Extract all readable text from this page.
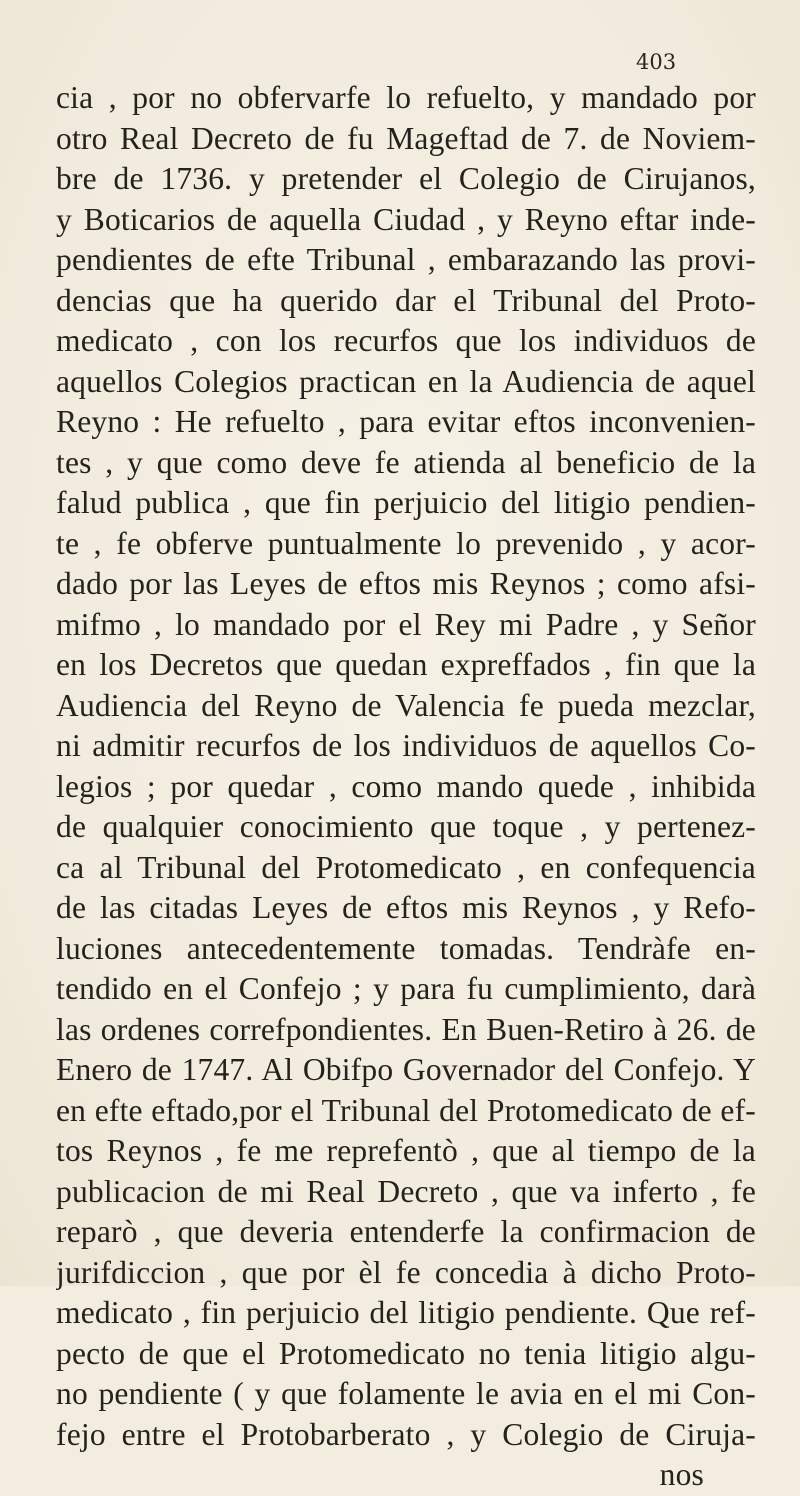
403
cia , por no obfervarfe lo refuelto, y mandado por
otro Real Decreto de fu Mageftad de 7. de Noviem-
bre de 1736. y pretender el Colegio de Cirujanos,
y Boticarios de aquella Ciudad , y Reyno eftar inde-
pendientes de efte Tribunal , embarazando las provi-
dencias que ha querido dar el Tribunal del Proto-
medicato , con los recurfos que los individuos de
aquellos Colegios practican en la Audiencia de aquel
Reyno : He refuelto , para evitar eftos inconvenien-
tes , y que como deve fe atienda al beneficio de la
falud publica , que fin perjuicio del litigio pendien-
te , fe obferve puntualmente lo prevenido , y acor-
dado por las Leyes de eftos mis Reynos ; como afsi-
mifmo , lo mandado por el Rey mi Padre , y Señor
en los Decretos que quedan expreffados , fin que la
Audiencia del Reyno de Valencia fe pueda mezclar,
ni admitir recurfos de los individuos de aquellos Co-
legios ; por quedar , como mando quede , inhibida
de qualquier conocimiento que toque , y pertenez-
ca al Tribunal del Protomedicato , en confequencia
de las citadas Leyes de eftos mis Reynos , y Refo-
luciones antecedentemente tomadas. Tendràfe en-
tendido en el Confejo ; y para fu cumplimiento, darà
las ordenes correfpondientes. En Buen-Retiro à 26. de
Enero de 1747. Al Obifpo Governador del Confejo. Y
en efte eftado,por el Tribunal del Protomedicato de ef-
tos Reynos , fe me reprefentò , que al tiempo de la
publicacion de mi Real Decreto , que va inferto , fe
reparò , que deveria entenderfe la confirmacion de
jurifdiccion , que por èl fe concedia à dicho Proto-
medicato , fin perjuicio del litigio pendiente. Que ref-
pecto de que el Protomedicato no tenia litigio algu-
no pendiente ( y que folamente le avia en el mi Con-
fejo entre el Protobarberato , y Colegio de Ciruja-
nos
